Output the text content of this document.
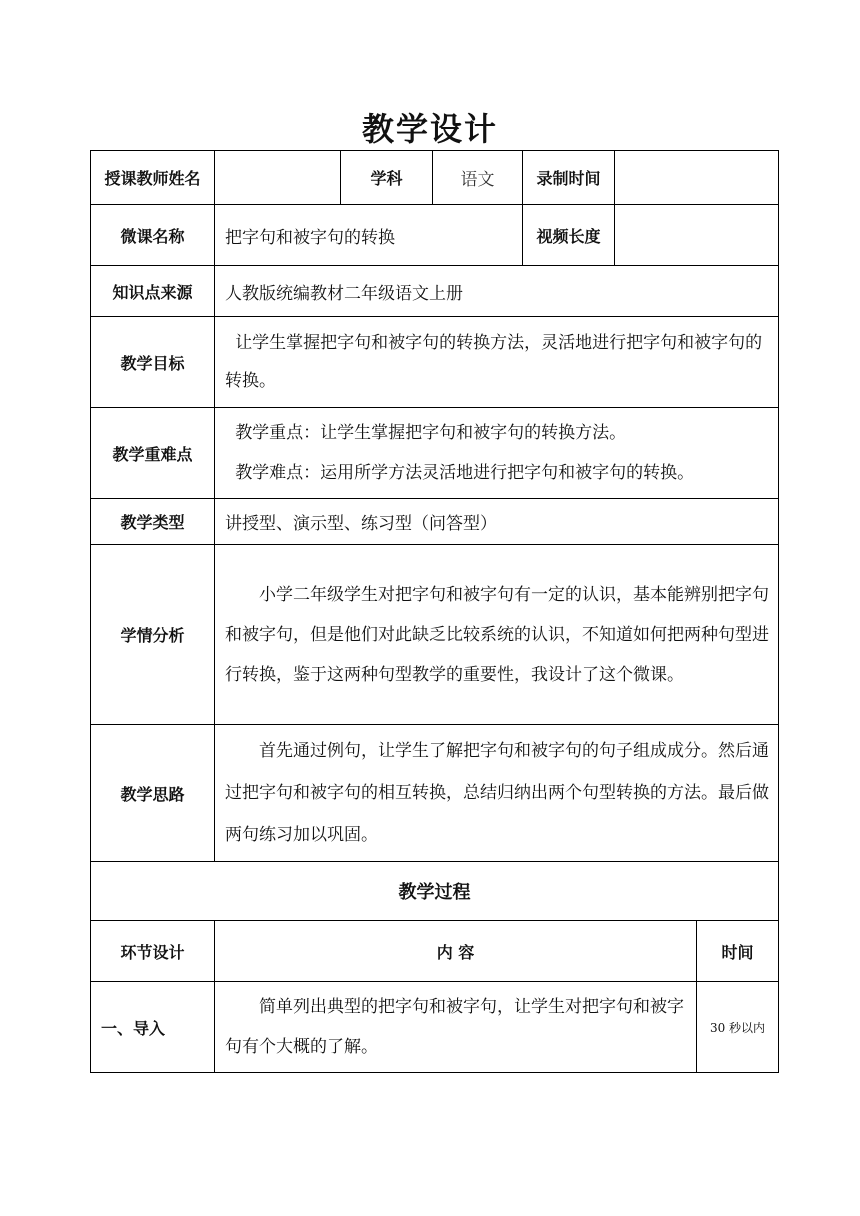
教学设计
授课教师姓名		学科	语文	录制时间		
微课名称	把字句和被字句的转换			视频长度		
知识点来源	人教版统编教材二年级语文上册					
教学目标	让学生掌握把字句和被字句的转换方法，灵活地进行把字句和被字句的转换。					

教学重难点	教学重点：让学生掌握把字句和被字句的转换方法。

教学难点：运用所学方法灵活地进行把字句和被字句的转换。					

教学类型	讲授型、演示型、练习型（问答型）					
学情分析	小学二年级学生对把字句和被字句有一定的认识，基本能辨别把字句和被字句，但是他们对此缺乏比较系统的认识，不知道如何把两种句型进行转换，鉴于这两种句型教学的重要性，我设计了这个微课。					

教学思路	首先通过例句，让学生了解把字句和被字句的句子组成成分。然后通过把字句和被字句的相互转换，总结归纳出两个句型转换的方法。最后做两句练习加以巩固。					

教学过程						
环节设计	内 容					时间
一、导入	简单列出典型的把字句和被字句，让学生对把字句和被字句有个大概的了解。					30 秒以内
